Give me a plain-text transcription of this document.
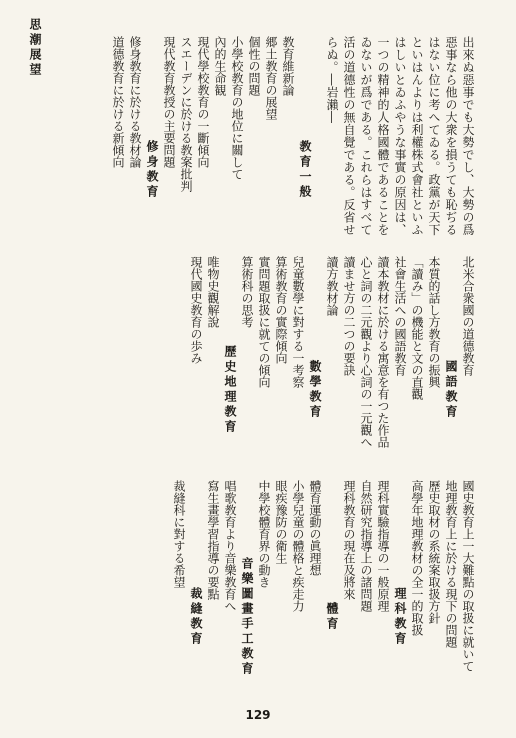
思潮展望	出來ぬ惡事でも大勢でし、大勢の爲
惡事なら他の大衆を損うても恥ぢる
はない位に考へてゐる。政黨が天下
といはんよりは利權株式會社といふ
はしいとゐふやうな事實の原因は、
一つの精神的人格國體であることを
ゐないが爲である。これらはすべて
活の道德性の無自覺である。反省せ
らぬ。―岩瀨―
教育一般
教育維新論
郷土教育の展望
個性の問題
小學校教育の地位に關して
內的生命観
現代學校教育の一斷傾向
スエーデンに於ける教案批判
現代教育教授の主要問題
修身教育
修身教育に於ける教材論
道德教育に於ける新傾向
北米合衆國の道德教育
國語教育
本質的話し方教育の振興
「讀み」の機能と文の直觀
社會生活への國語教育
讀本教材に於ける寓意を有つた作品
心と詞の二元觀より心詞の一元觀へ
讀ませ方の二つの要訣
讀方教材論
數學教育
兒童數學に對する一考察
算術教育の實際傾向
實問題取扱に就ての傾向
算術科の思考
歷史地理教育
唯物史觀解說
現代國史教育の歩み
國史教育上一大難點の取扱に就いて
地理教育上に於ける現下の問題
歷史取材の系統案取扱方針
高學年地理教材の全一的取扱
理科教育
理科實驗指導の一般原理
自然研究指導上の諸問題
理科教育の現在及將來
體育
體育運動の眞理想
小學兒童の體格と疾走力
眼疾豫防の衛生
中學校體育界の動き
音樂圖畫手工教育
唱歌教育より音樂教育へ
寫生畫學習指導の要點
裁縫教育
裁縫科に對する希望
129
